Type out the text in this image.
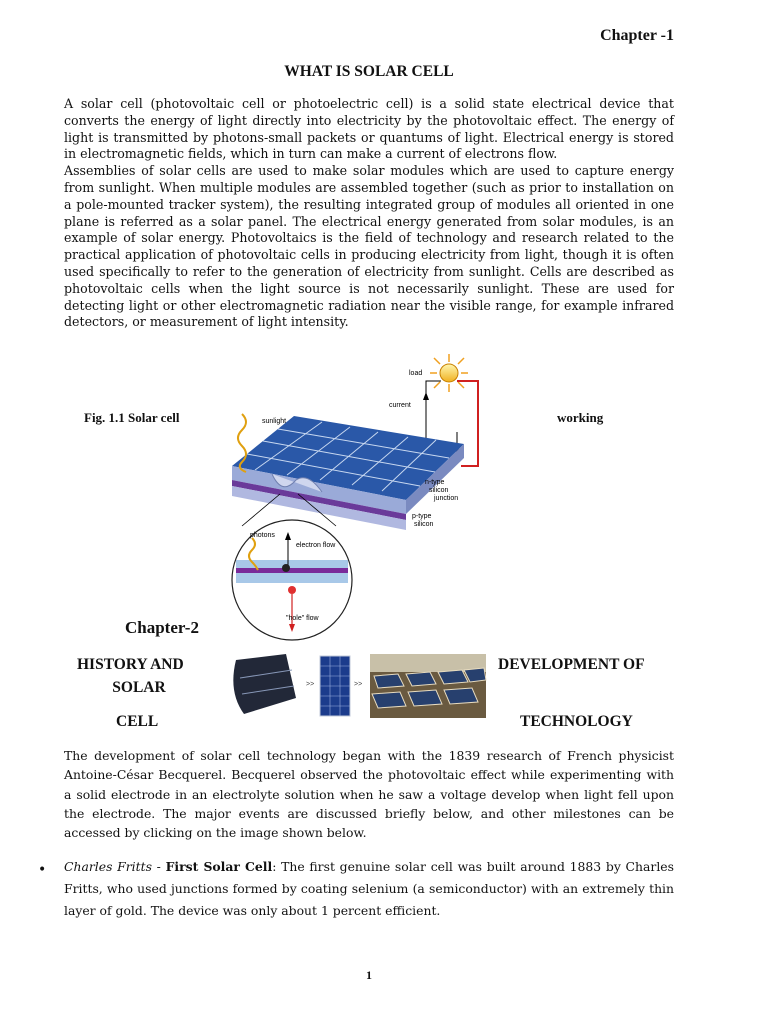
Chapter -1
WHAT IS SOLAR CELL
A solar cell (photovoltaic cell or photoelectric cell) is a solid state electrical device that converts the energy of light directly into electricity by the photovoltaic effect. The energy of light is transmitted by photons-small packets or quantums of light. Electrical energy is stored in electromagnetic fields, which in turn can make a current of electrons flow.
Assemblies of solar cells are used to make solar modules which are used to capture energy from sunlight. When multiple modules are assembled together (such as prior to installation on a pole-mounted tracker system), the resulting integrated group of modules all oriented in one plane is referred as a solar panel. The electrical energy generated from solar modules, is an example of solar energy. Photovoltaics is the field of technology and research related to the practical application of photovoltaic cells in producing electricity from light, though it is often used specifically to refer to the generation of electricity from sunlight. Cells are described as photovoltaic cells when the light source is not necessarily sunlight. These are used for detecting light or other electromagnetic radiation near the visible range, for example infrared detectors, or measurement of light intensity.
Fig. 1.1 Solar cell	working
load
current
sunlight
n-type
silicon
junction
p-type
silicon
photons
electron flow
"hole" flow
Chapter-2
>>	>>
HISTORY AND
SOLAR
DEVELOPMENT OF
CELL	TECHNOLOGY
The development of solar cell technology began with the 1839 research of French physicist Antoine-César Becquerel. Becquerel observed the photovoltaic effect while experimenting with a solid electrode in an electrolyte solution when he saw a voltage develop when light fell upon the electrode. The major events are discussed briefly below, and other milestones can be accessed by clicking on the image shown below.
• Charles Fritts - First Solar Cell: The first genuine solar cell was built around 1883 by Charles Fritts, who used junctions formed by coating selenium (a semiconductor) with an extremely thin layer of gold. The device was only about 1 percent efficient.
1
